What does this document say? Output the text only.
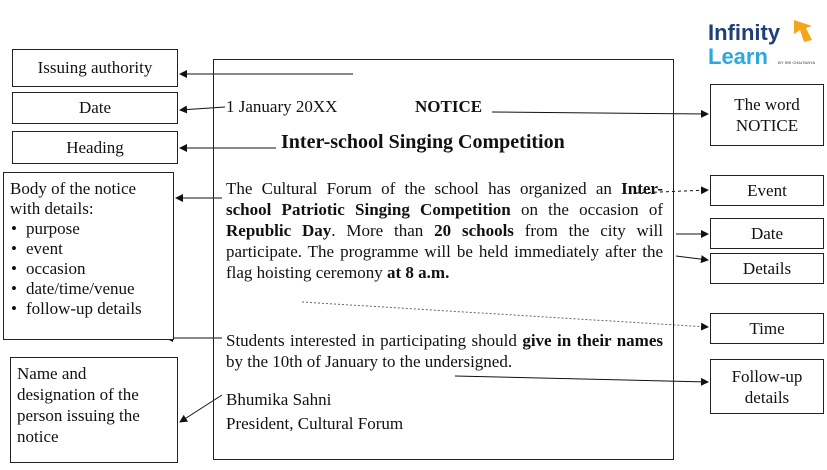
Issuing authority
Date
Heading
Body of the notice
with details:
• purpose
• event
• occasion
• date/time/venue
• follow-up details
Name and
designation of the
person issuing the
notice
1 January 20XX	NOTICE
Inter-school Singing Competition
The Cultural Forum of the school has organized an Inter-school Patriotic Singing Competition on the occasion of Republic Day. More than 20 schools from the city will participate. The programme will be held immediately after the flag hoisting ceremony at 8 a.m.
Students interested in participating should give in their names by the 10th of January to the undersigned.
Bhumika Sahni
President, Cultural Forum
The word
NOTICE
Event
Date
Details
Time
Follow-up
details
Infinity
Learn	BY SRI CHAITANYA
